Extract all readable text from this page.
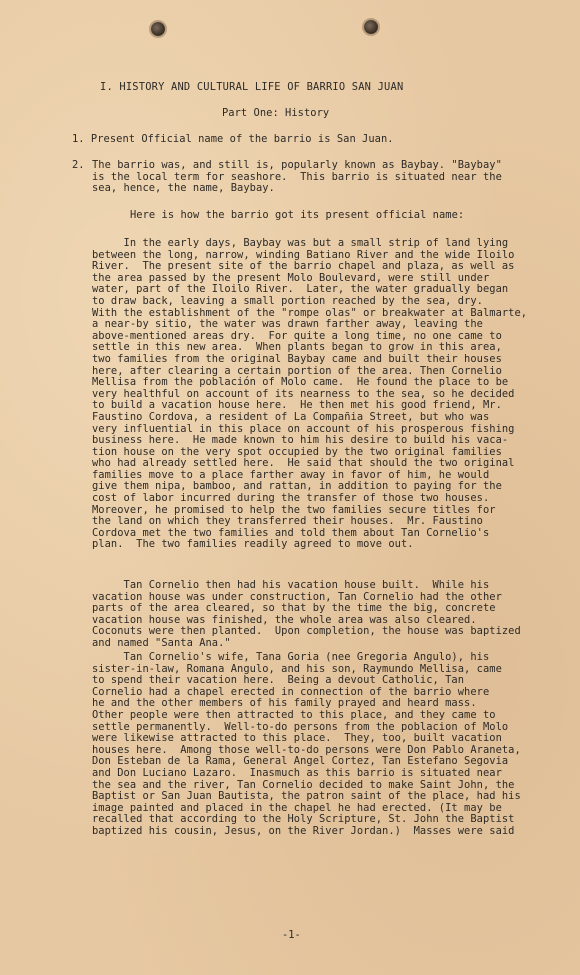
I. HISTORY AND CULTURAL LIFE OF BARRIO SAN JUAN
Part One: History
1. Present Official name of the barrio is San Juan.
2. The barrio was, and still is, popularly known as Baybay. "Baybay"
is the local term for seashore.  This barrio is situated near the
sea, hence, the name, Baybay.
Here is how the barrio got its present official name:
In the early days, Baybay was but a small strip of land lying
between the long, narrow, winding Batiano River and the wide Iloilo
River.  The present site of the barrio chapel and plaza, as well as
the area passed by the present Molo Boulevard, were still under
water, part of the Iloilo River.  Later, the water gradually began
to draw back, leaving a small portion reached by the sea, dry.
With the establishment of the "rompe olas" or breakwater at Balmarte,
a near-by sitio, the water was drawn farther away, leaving the
above-mentioned areas dry.  For quite a long time, no one came to
settle in this new area.  When plants began to grow in this area,
two families from the original Baybay came and built their houses
here, after clearing a certain portion of the area. Then Cornelio
Mellisa from the población of Molo came.  He found the place to be
very healthful on account of its nearness to the sea, so he decided
to build a vacation house here.  He then met his good friend, Mr.
Faustino Cordova, a resident of La Compañia Street, but who was
very influential in this place on account of his prosperous fishing
business here.  He made known to him his desire to build his vaca-
tion house on the very spot occupied by the two original families
who had already settled here.  He said that should the two original
families move to a place farther away in favor of him, he would
give them nipa, bamboo, and rattan, in addition to paying for the
cost of labor incurred during the transfer of those two houses.
Moreover, he promised to help the two families secure titles for
the land on which they transferred their houses.  Mr. Faustino
Cordova met the two families and told them about Tan Cornelio's
plan.  The two families readily agreed to move out.
Tan Cornelio then had his vacation house built.  While his
vacation house was under construction, Tan Cornelio had the other
parts of the area cleared, so that by the time the big, concrete
vacation house was finished, the whole area was also cleared.
Coconuts were then planted.  Upon completion, the house was baptized
and named "Santa Ana."
Tan Cornelio's wife, Tana Goria (nee Gregoria Angulo), his
sister-in-law, Romana Angulo, and his son, Raymundo Mellisa, came
to spend their vacation here.  Being a devout Catholic, Tan
Cornelio had a chapel erected in connection of the barrio where
he and the other members of his family prayed and heard mass.
Other people were then attracted to this place, and they came to
settle permanently.  Well-to-do persons from the poblacion of Molo
were likewise attracted to this place.  They, too, built vacation
houses here.  Among those well-to-do persons were Don Pablo Araneta,
Don Esteban de la Rama, General Angel Cortez, Tan Estefano Segovia
and Don Luciano Lazaro.  Inasmuch as this barrio is situated near
the sea and the river, Tan Cornelio decided to make Saint John, the
Baptist or San Juan Bautista, the patron saint of the place, had his
image painted and placed in the chapel he had erected. (It may be
recalled that according to the Holy Scripture, St. John the Baptist
baptized his cousin, Jesus, on the River Jordan.)  Masses were said
-1-
